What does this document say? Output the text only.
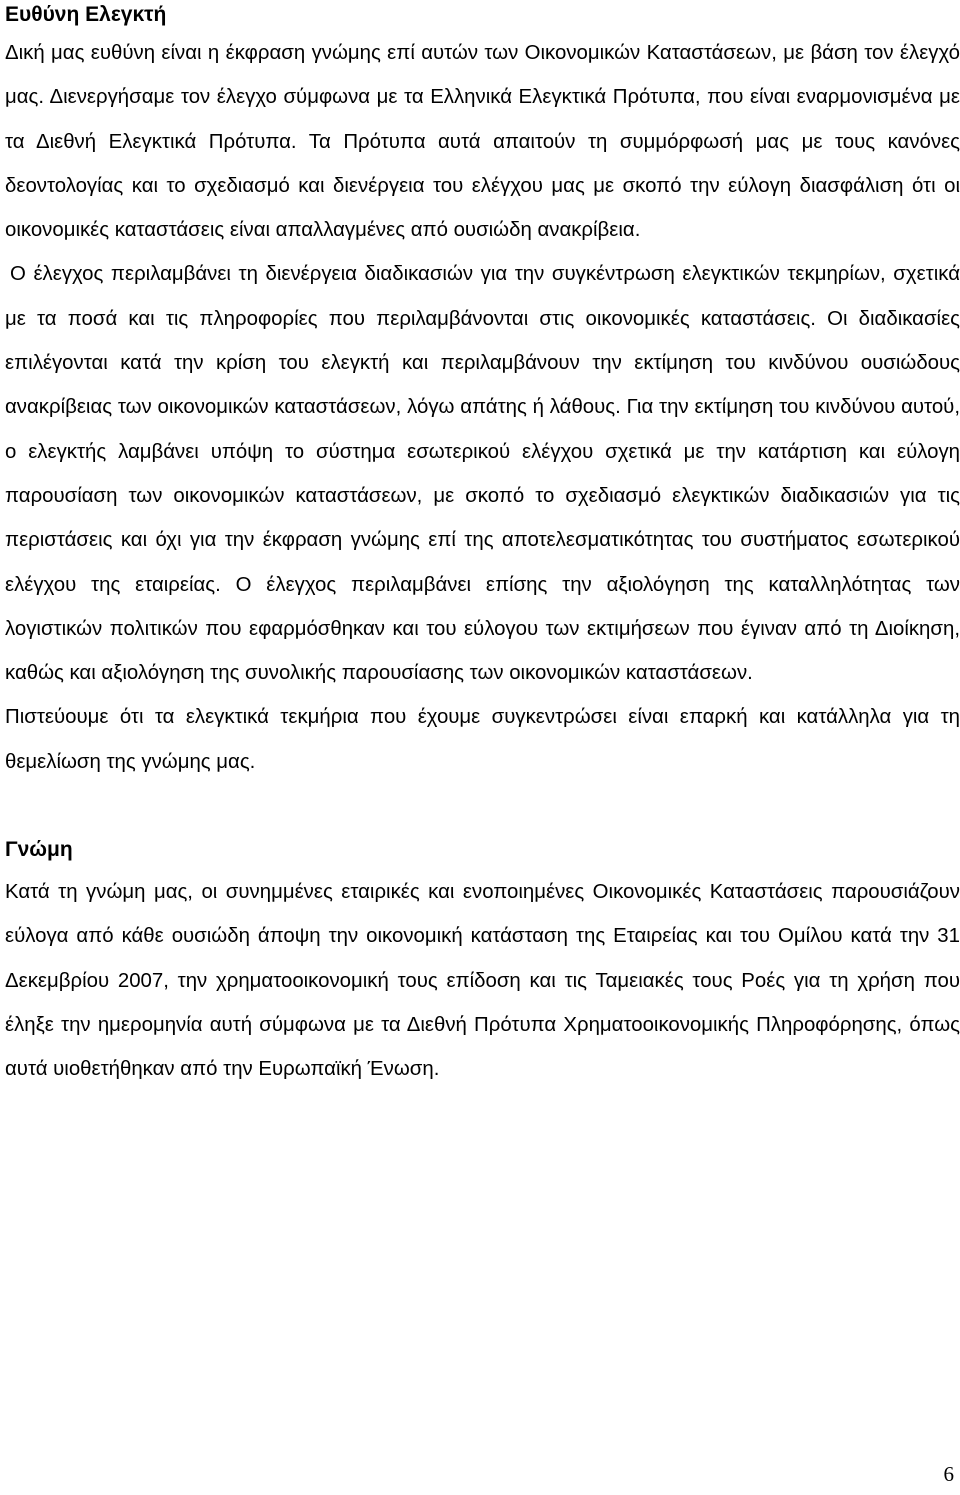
Ευθύνη Ελεγκτή

Δική μας ευθύνη είναι η έκφραση γνώμης επί αυτών των Οικονομικών Καταστάσεων, με βάση τον έλεγχό μας. Διενεργήσαμε τον έλεγχο σύμφωνα με τα Ελληνικά Ελεγκτικά Πρότυπα, που είναι εναρμονισμένα με τα Διεθνή Ελεγκτικά Πρότυπα. Τα Πρότυπα αυτά απαιτούν τη συμμόρφωσή μας με τους κανόνες δεοντολογίας και το σχεδιασμό και διενέργεια του ελέγχου μας με σκοπό την εύλογη διασφάλιση ότι οι οικονομικές καταστάσεις είναι απαλλαγμένες από ουσιώδη ανακρίβεια.

Ο έλεγχος περιλαμβάνει τη διενέργεια διαδικασιών για την συγκέντρωση ελεγκτικών τεκμηρίων, σχετικά με τα ποσά και τις πληροφορίες που περιλαμβάνονται στις οικονομικές καταστάσεις. Οι διαδικασίες επιλέγονται κατά την κρίση του ελεγκτή και περιλαμβάνουν την εκτίμηση του κινδύνου ουσιώδους ανακρίβειας των οικονομικών καταστάσεων, λόγω απάτης ή λάθους. Για την εκτίμηση του κινδύνου αυτού, ο ελεγκτής λαμβάνει υπόψη το σύστημα εσωτερικού ελέγχου σχετικά με την κατάρτιση και εύλογη παρουσίαση των οικονομικών καταστάσεων, με σκοπό το σχεδιασμό ελεγκτικών διαδικασιών για τις περιστάσεις και όχι για την έκφραση γνώμης επί της αποτελεσματικότητας του συστήματος εσωτερικού ελέγχου της εταιρείας. Ο έλεγχος περιλαμβάνει επίσης την αξιολόγηση της καταλληλότητας των λογιστικών πολιτικών που εφαρμόσθηκαν και του εύλογου των εκτιμήσεων που έγιναν από τη Διοίκηση, καθώς και αξιολόγηση της συνολικής παρουσίασης των οικονομικών καταστάσεων.

Πιστεύουμε ότι τα ελεγκτικά τεκμήρια που έχουμε συγκεντρώσει είναι επαρκή και κατάλληλα για τη θεμελίωση της γνώμης μας.

Γνώμη

Κατά τη γνώμη μας, οι συνημμένες εταιρικές και ενοποιημένες Οικονομικές Καταστάσεις παρουσιάζουν εύλογα από κάθε ουσιώδη άποψη την οικονομική κατάσταση της Εταιρείας και του Ομίλου κατά την 31 Δεκεμβρίου 2007, την χρηματοοικονομική τους επίδοση και τις Ταμειακές τους Ροές για τη χρήση που έληξε την ημερομηνία αυτή σύμφωνα με τα Διεθνή Πρότυπα Χρηματοοικονομικής Πληροφόρησης, όπως αυτά υιοθετήθηκαν από την Ευρωπαϊκή Ένωση.

6
